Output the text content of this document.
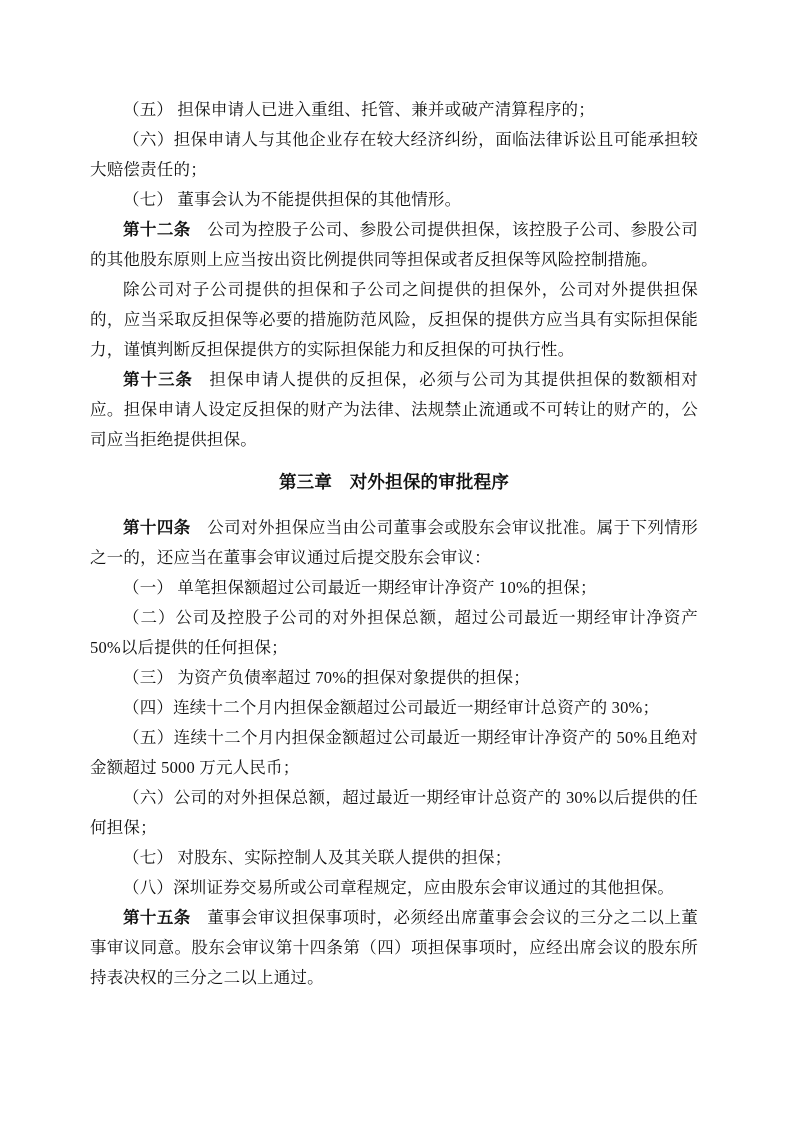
（五） 担保申请人已进入重组、托管、兼并或破产清算程序的；

（六）担保申请人与其他企业存在较大经济纠纷，面临法律诉讼且可能承担较大赔偿责任的；

（七） 董事会认为不能提供担保的其他情形。

第十二条 公司为控股子公司、参股公司提供担保，该控股子公司、参股公司的其他股东原则上应当按出资比例提供同等担保或者反担保等风险控制措施。

除公司对子公司提供的担保和子公司之间提供的担保外，公司对外提供担保的，应当采取反担保等必要的措施防范风险，反担保的提供方应当具有实际担保能力，谨慎判断反担保提供方的实际担保能力和反担保的可执行性。

第十三条 担保申请人提供的反担保，必须与公司为其提供担保的数额相对应。担保申请人设定反担保的财产为法律、法规禁止流通或不可转让的财产的，公司应当拒绝提供担保。

第三章　对外担保的审批程序

第十四条 公司对外担保应当由公司董事会或股东会审议批准。属于下列情形之一的，还应当在董事会审议通过后提交股东会审议：

（一） 单笔担保额超过公司最近一期经审计净资产 10%的担保；

（二）公司及控股子公司的对外担保总额，超过公司最近一期经审计净资产 50%以后提供的任何担保；

（三） 为资产负债率超过 70%的担保对象提供的担保；

（四）连续十二个月内担保金额超过公司最近一期经审计总资产的 30%；

（五）连续十二个月内担保金额超过公司最近一期经审计净资产的 50%且绝对金额超过 5000 万元人民币；

（六）公司的对外担保总额，超过最近一期经审计总资产的 30%以后提供的任何担保；

（七） 对股东、实际控制人及其关联人提供的担保；

（八）深圳证券交易所或公司章程规定，应由股东会审议通过的其他担保。

第十五条 董事会审议担保事项时，必须经出席董事会会议的三分之二以上董事审议同意。股东会审议第十四条第（四）项担保事项时，应经出席会议的股东所持表决权的三分之二以上通过。
